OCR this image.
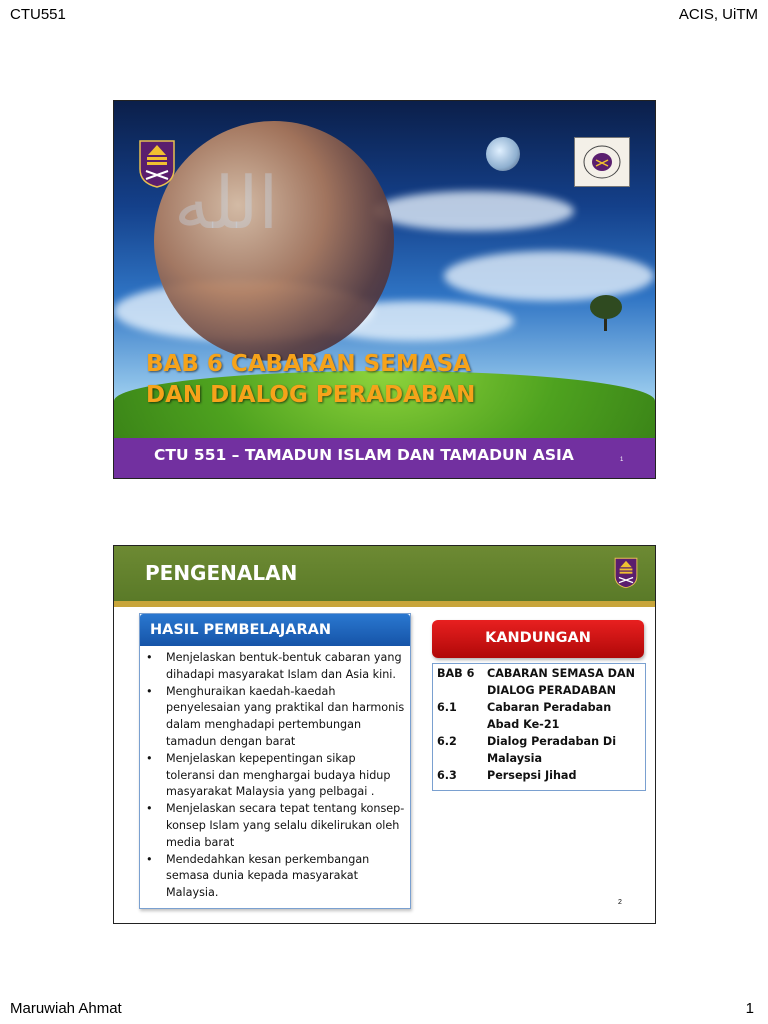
CTU551	ACIS, UiTM
الله
BAB 6 CABARAN SEMASA
DAN DIALOG PERADABAN
CTU 551 – TAMADUN ISLAM DAN TAMADUN ASIA	1
PENGENALAN
HASIL PEMBELAJARAN
• Menjelaskan bentuk-bentuk cabaran yang dihadapi masyarakat Islam dan Asia kini.
• Menghuraikan kaedah-kaedah penyelesaian yang praktikal dan harmonis dalam menghadapi pertembungan tamadun dengan barat
• Menjelaskan kepepentingan sikap toleransi dan menghargai budaya hidup masyarakat Malaysia yang pelbagai .
• Menjelaskan secara tepat tentang konsep-konsep Islam yang selalu dikelirukan oleh media barat
• Mendedahkan kesan perkembangan semasa dunia kepada masyarakat Malaysia.
KANDUNGAN
BAB 6	CABARAN SEMASA DAN DIALOG PERADABAN
6.1	Cabaran Peradaban Abad Ke-21
6.2	Dialog Peradaban Di Malaysia
6.3	Persepsi Jihad
2
Maruwiah Ahmat	1
